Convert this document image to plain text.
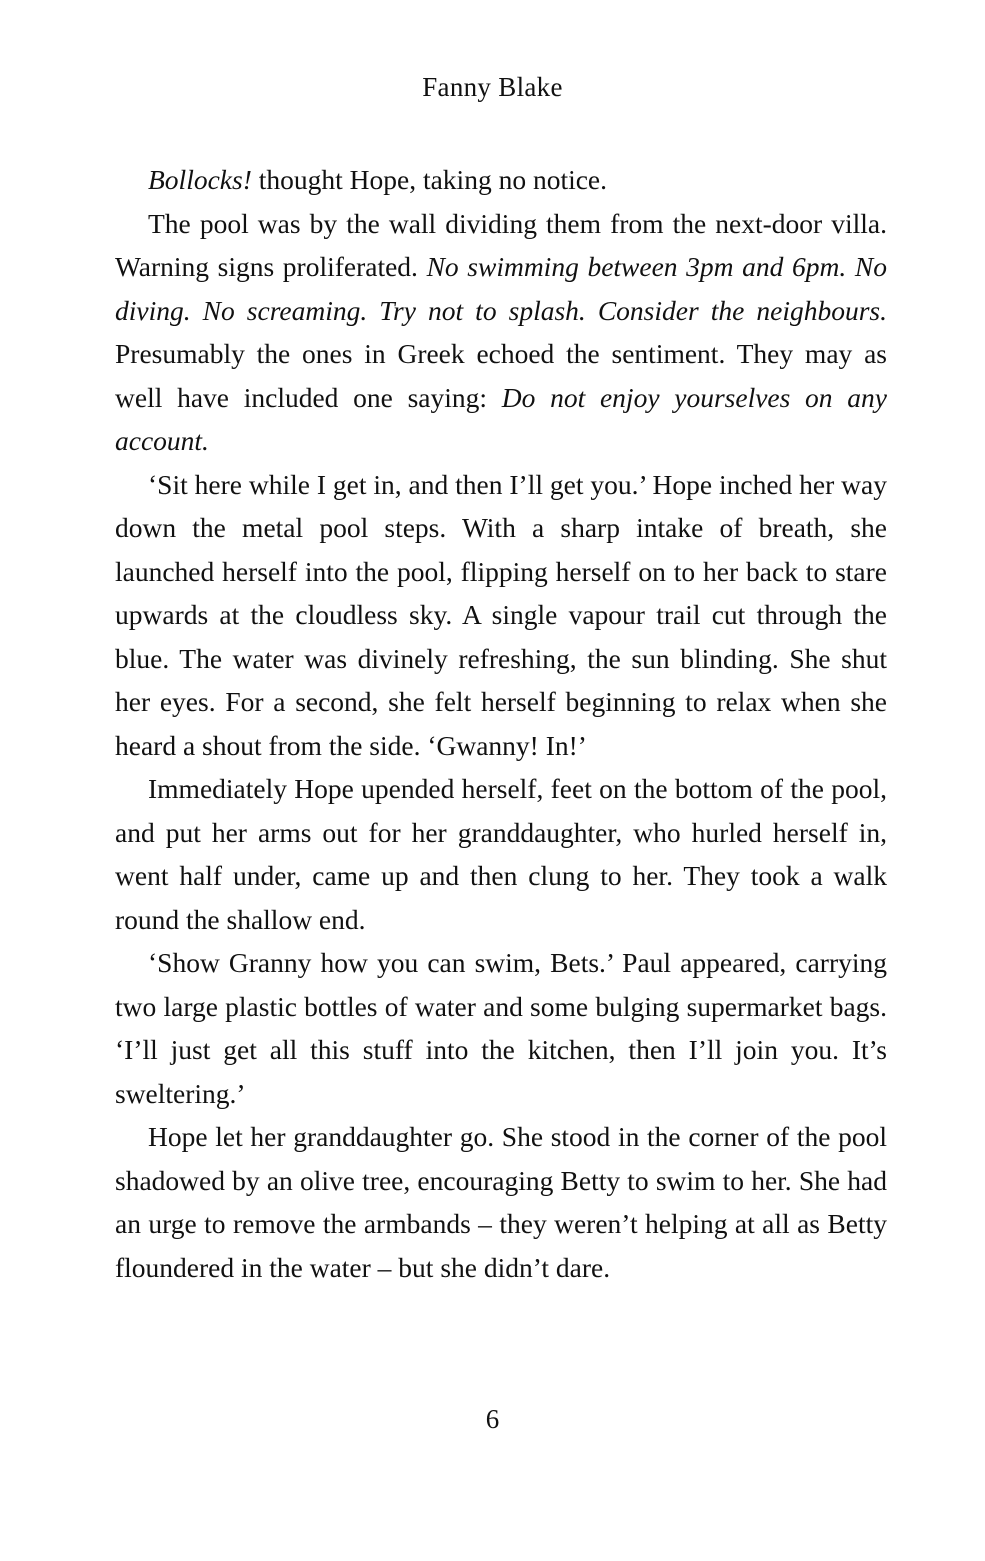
Fanny Blake

Bollocks! thought Hope, taking no notice.

The pool was by the wall dividing them from the next-door villa. Warning signs proliferated. No swimming between 3pm and 6pm. No diving. No screaming. Try not to splash. Consider the neighbours. Presumably the ones in Greek echoed the sentiment. They may as well have included one saying: Do not enjoy yourselves on any account.

‘Sit here while I get in, and then I’ll get you.’ Hope inched her way down the metal pool steps. With a sharp intake of breath, she launched herself into the pool, flipping herself on to her back to stare upwards at the cloudless sky. A single vapour trail cut through the blue. The water was divinely refreshing, the sun blinding. She shut her eyes. For a second, she felt herself beginning to relax when she heard a shout from the side. ‘Gwanny! In!’

Immediately Hope upended herself, feet on the bottom of the pool, and put her arms out for her granddaughter, who hurled herself in, went half under, came up and then clung to her. They took a walk round the shallow end.

‘Show Granny how you can swim, Bets.’ Paul appeared, carrying two large plastic bottles of water and some bulging supermarket bags. ‘I’ll just get all this stuff into the kitchen, then I’ll join you. It’s sweltering.’

Hope let her granddaughter go. She stood in the corner of the pool shadowed by an olive tree, encouraging Betty to swim to her. She had an urge to remove the armbands – they weren’t helping at all as Betty floundered in the water – but she didn’t dare.

6
